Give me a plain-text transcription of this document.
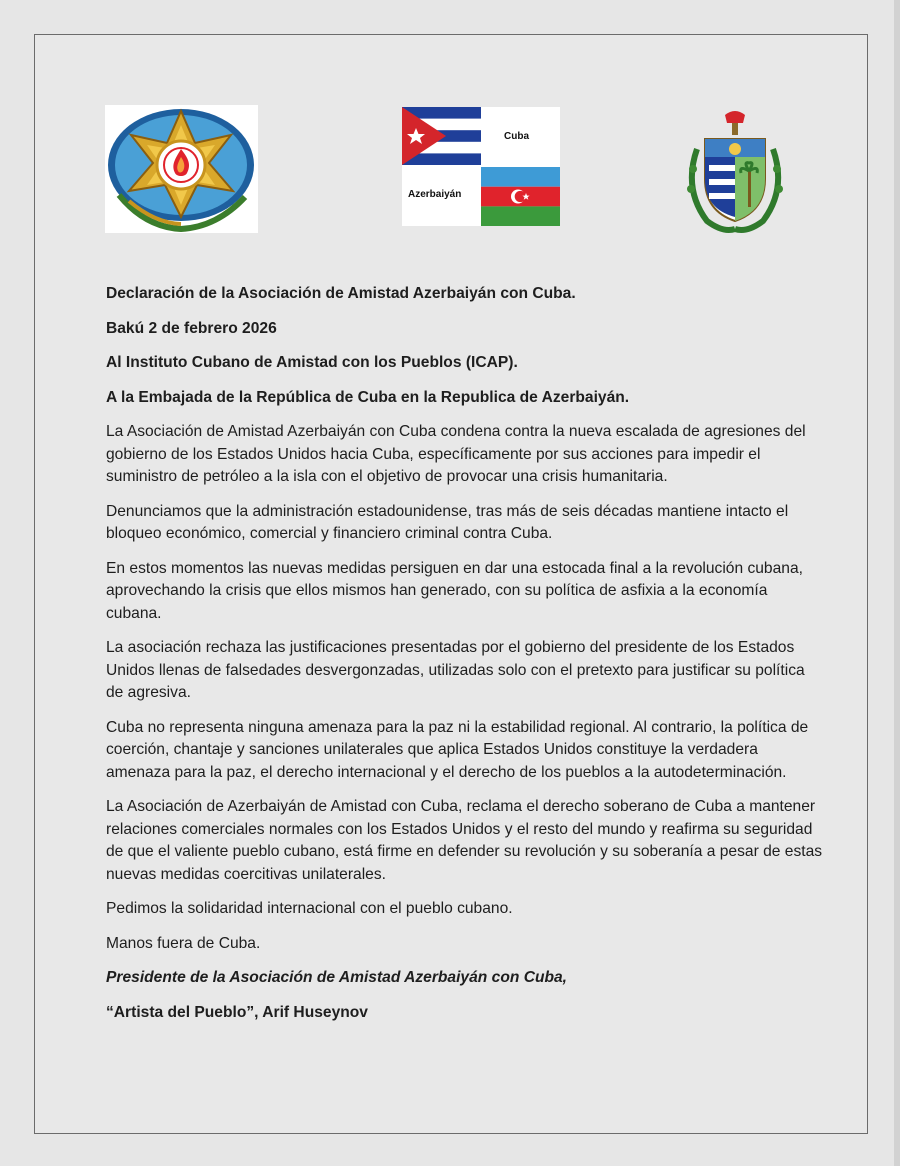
Cuba
Azerbaiyán

Declaración de la Asociación de Amistad Azerbaiyán con Cuba.

Bakú 2 de febrero 2026

Al Instituto Cubano de Amistad con los Pueblos (ICAP).

A la Embajada de la República de Cuba en la Republica de Azerbaiyán.

La Asociación de Amistad Azerbaiyán con Cuba condena contra la nueva escalada de agresiones del gobierno de los Estados Unidos hacia Cuba, específicamente por sus acciones para impedir el suministro de petróleo a la isla con el objetivo de provocar una crisis humanitaria.

Denunciamos que la administración estadounidense, tras más de seis décadas mantiene intacto el bloqueo económico, comercial y financiero criminal contra Cuba.

En estos momentos las nuevas medidas persiguen en dar una estocada final a la revolución cubana, aprovechando la crisis que ellos mismos han generado, con su política de asfixia a la economía cubana.

La asociación rechaza las justificaciones presentadas por el gobierno del presidente de los Estados Unidos llenas de falsedades desvergonzadas, utilizadas solo con el pretexto para justificar su política de agresiva.

Cuba no representa ninguna amenaza para la paz ni la estabilidad regional. Al contrario, la política de coerción, chantaje y sanciones unilaterales que aplica Estados Unidos constituye la verdadera amenaza para la paz, el derecho internacional y el derecho de los pueblos a la autodeterminación.

La Asociación de Azerbaiyán de Amistad con Cuba, reclama el derecho soberano de Cuba a mantener relaciones comerciales normales con los Estados Unidos y el resto del mundo y reafirma su seguridad de que el valiente pueblo cubano, está firme en defender su revolución y su soberanía a pesar de estas nuevas medidas coercitivas unilaterales.

Pedimos la solidaridad internacional con el pueblo cubano.

Manos fuera de Cuba.

Presidente de la Asociación de Amistad Azerbaiyán con Cuba,

“Artista del Pueblo”, Arif Huseynov
